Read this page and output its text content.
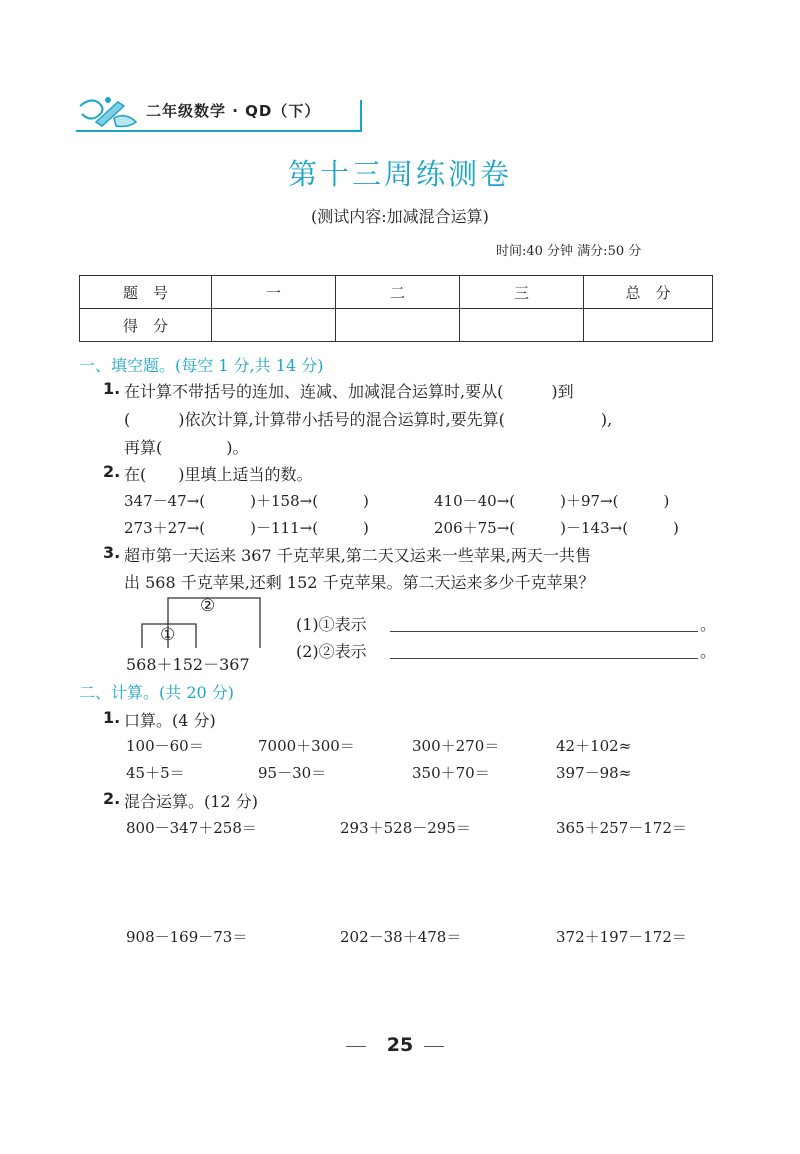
二年级数学 · QD（下）
第十三周练测卷
(测试内容:加减混合运算)
时间:40 分钟 满分:50 分
题　号	一	二	三	总　分
得　分				
一、填空题。(每空 1 分,共 14 分)
1. 在计算不带括号的连加、连减、加减混合运算时,要从(　　　)到
(　　　)依次计算,计算带小括号的混合运算时,要先算(　　　　　　),
再算(　　　　)。
2. 在(　　)里填上适当的数。
347－47→(　　　)＋158→(　　　)	410－40→(　　　)＋97→(　　　)
273＋27→(　　　)－111→(　　　)	206＋75→(　　　)－143→(　　　)
3. 超市第一天运来 367 千克苹果,第二天又运来一些苹果,两天一共售
出 568 千克苹果,还剩 152 千克苹果。第二天运来多少千克苹果？
②
①
568＋152－367
(1)①表示	。
(2)②表示	。
二、计算。(共 20 分)
1. 口算。(4 分)
100－60＝	7000＋300＝	300＋270＝	42＋102≈
45＋5＝	95－30＝	350＋70＝	397－98≈
2. 混合运算。(12 分)
800－347＋258＝	293＋528－295＝	365＋257－172＝
908－169－73＝	202－38＋478＝	372＋197－172＝
25
